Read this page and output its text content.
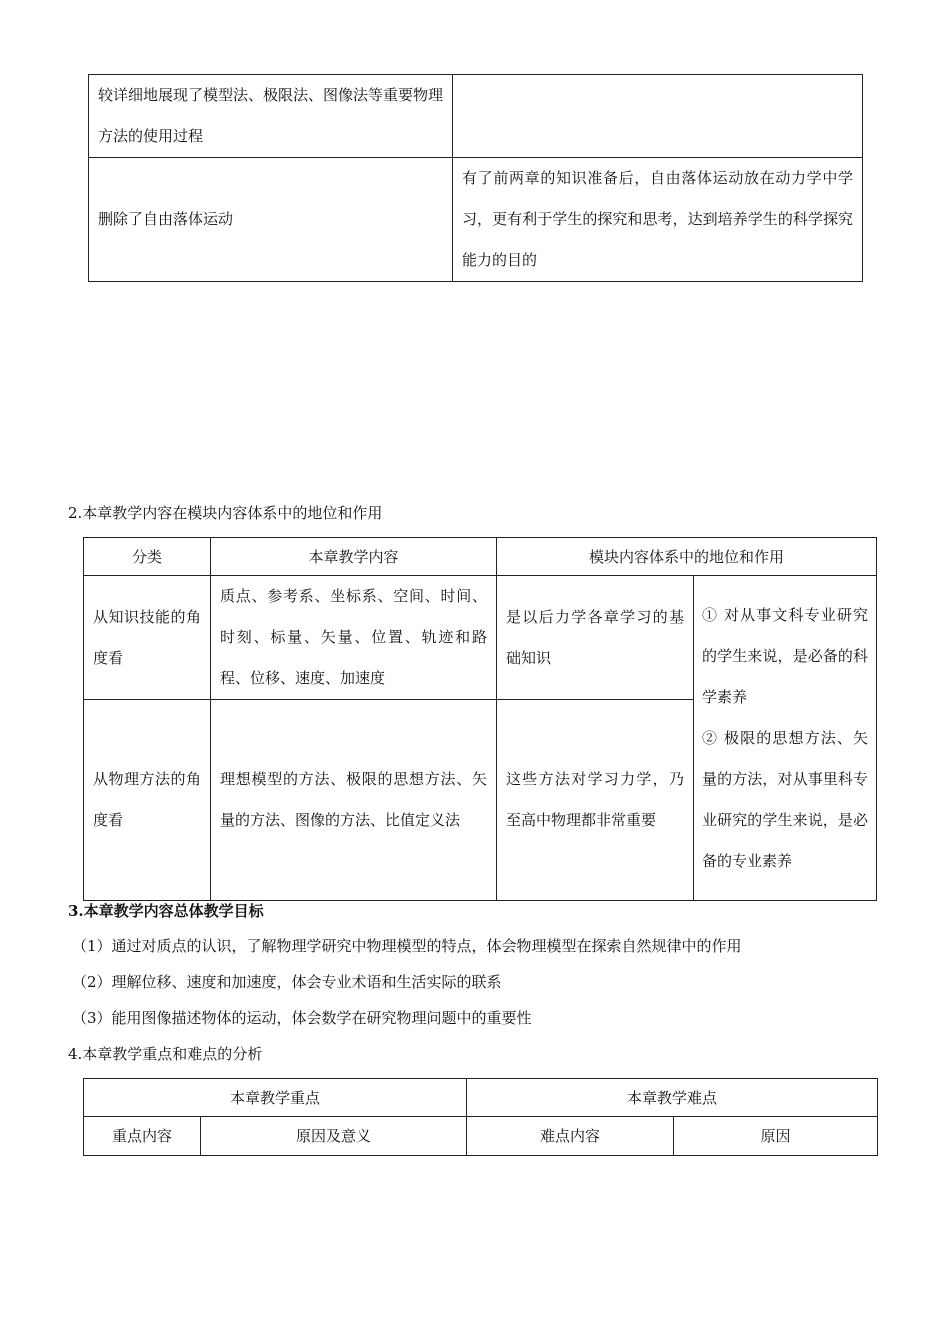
较详细地展现了模型法、极限法、图像法等重要物理方法的使用过程	
删除了自由落体运动	有了前两章的知识准备后，自由落体运动放在动力学中学习，更有利于学生的探究和思考，达到培养学生的科学探究能力的目的
2.本章教学内容在模块内容体系中的地位和作用
分类	本章教学内容	模块内容体系中的地位和作用	
从知识技能的角度看	质点、参考系、坐标系、空间、时间、时刻、标量、矢量、位置、轨迹和路程、位移、速度、加速度	是以后力学各章学习的基础知识	① 对从事文科专业研究的学生来说，是必备的科学素养
② 极限的思想方法、矢量的方法，对从事里科专业研究的学生来说，是必备的专业素养

从物理方法的角度看	理想模型的方法、极限的思想方法、矢量的方法、图像的方法、比值定义法	这些方法对学习力学，乃至高中物理都非常重要	
3.本章教学内容总体教学目标
（1）通过对质点的认识，了解物理学研究中物理模型的特点，体会物理模型在探索自然规律中的作用
（2）理解位移、速度和加速度，体会专业术语和生活实际的联系
（3）能用图像描述物体的运动，体会数学在研究物理问题中的重要性
4.本章教学重点和难点的分析
本章教学重点		本章教学难点	
重点内容	原因及意义	难点内容	原因
